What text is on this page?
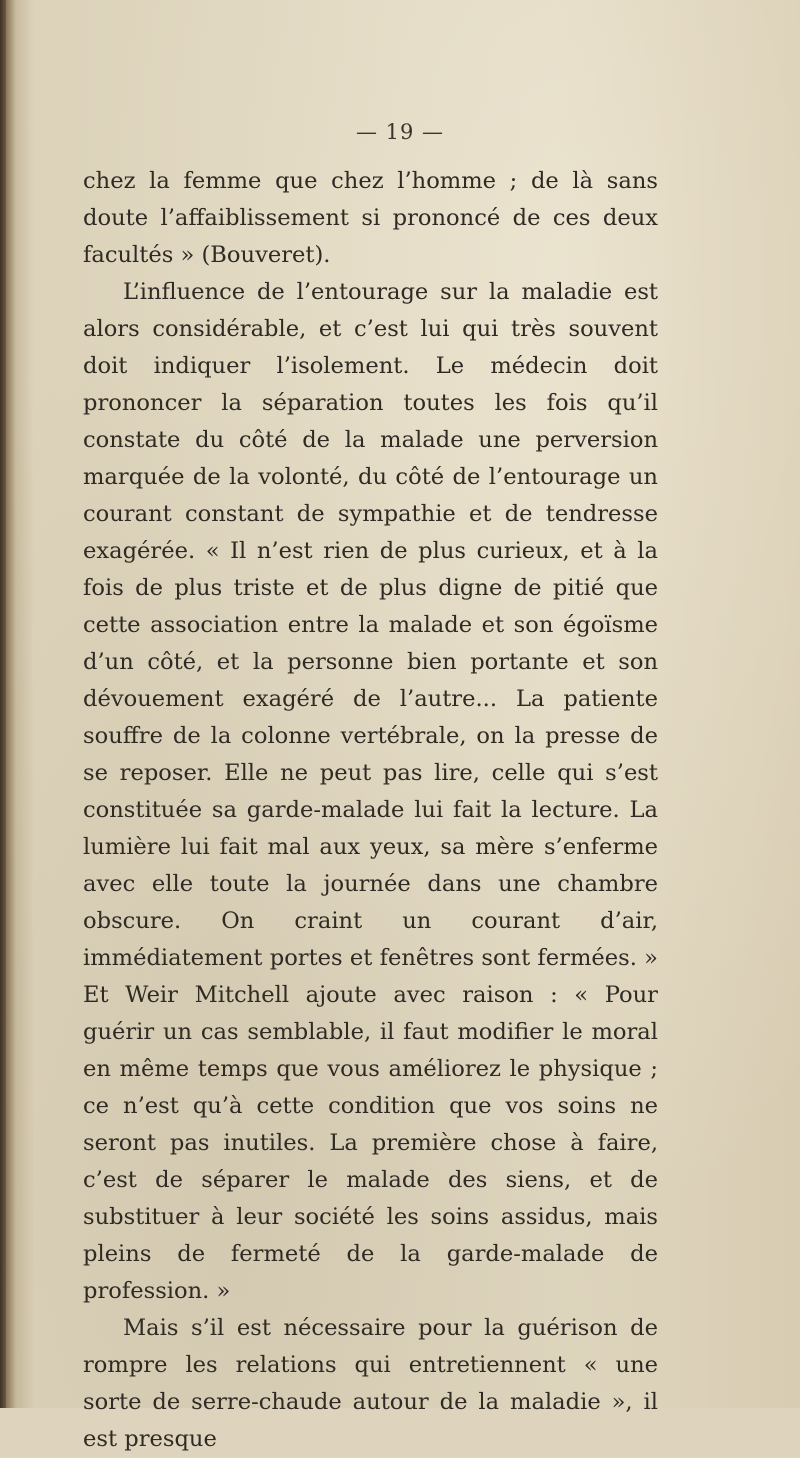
— 19 —

chez la femme que chez l’homme ; de là sans doute l’affaiblissement si prononcé de ces deux facultés » (Bouveret).

L’influence de l’entourage sur la maladie est alors considérable, et c’est lui qui très souvent doit indiquer l’isolement. Le médecin doit prononcer la séparation toutes les fois qu’il constate du côté de la malade une perversion marquée de la volonté, du côté de l’entourage un courant constant de sympathie et de tendresse exagérée. « Il n’est rien de plus curieux, et à la fois de plus triste et de plus digne de pitié que cette association entre la malade et son égoïsme d’un côté, et la personne bien portante et son dévouement exagéré de l’autre... La patiente souffre de la colonne vertébrale, on la presse de se reposer. Elle ne peut pas lire, celle qui s’est constituée sa garde-malade lui fait la lecture. La lumière lui fait mal aux yeux, sa mère s’enferme avec elle toute la journée dans une chambre obscure. On craint un courant d’air, immédiatement portes et fenêtres sont fermées. » Et Weir Mitchell ajoute avec raison : « Pour guérir un cas semblable, il faut modifier le moral en même temps que vous améliorez le physique ; ce n’est qu’à cette condition que vos soins ne seront pas inutiles. La première chose à faire, c’est de séparer le malade des siens, et de substituer à leur société les soins assidus, mais pleins de fermeté de la garde-malade de profession. »

Mais s’il est nécessaire pour la guérison de rompre les relations qui entretiennent « une sorte de serre-chaude autour de la maladie », il est presque
